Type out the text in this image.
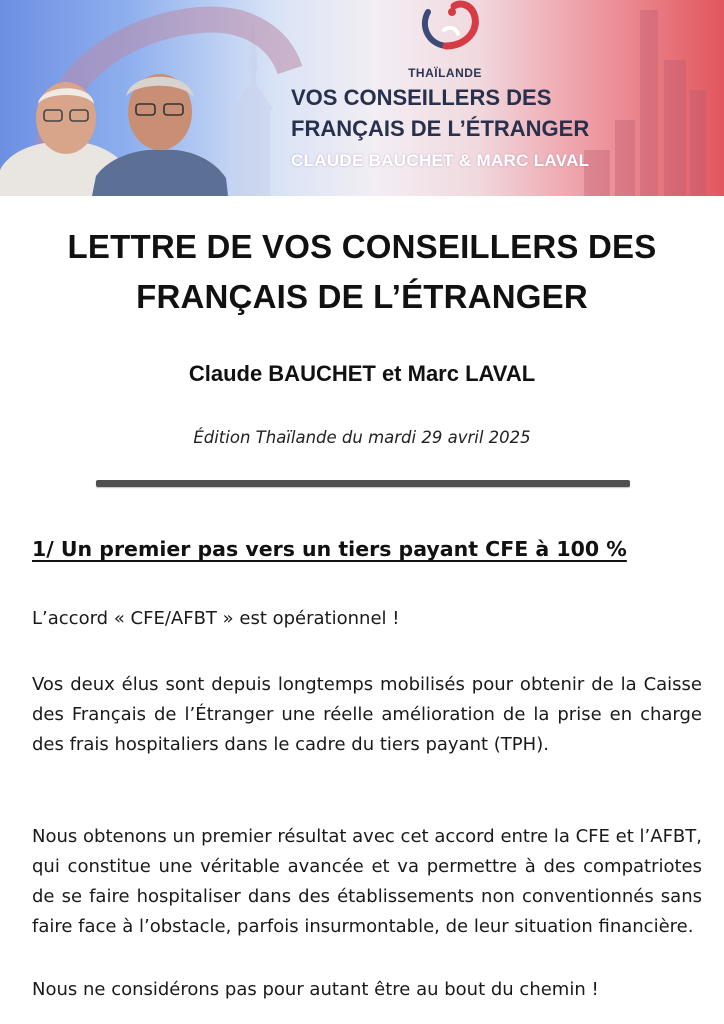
THAÏLANDE
VOS CONSEILLERS DES
FRANÇAIS DE L’ÉTRANGER
CLAUDE BAUCHET & MARC LAVAL
LETTRE DE VOS CONSEILLERS DES
FRANÇAIS DE L’ÉTRANGER
Claude BAUCHET et Marc LAVAL
Édition Thaïlande du mardi 29 avril 2025
1/ Un premier pas vers un tiers payant CFE à 100 %

L’accord « CFE/AFBT » est opérationnel !

Vos deux élus sont depuis longtemps mobilisés pour obtenir de la Caisse des Français de l’Étranger une réelle amélioration de la prise en charge des frais hospitaliers dans le cadre du tiers payant (TPH).

Nous obtenons un premier résultat avec cet accord entre la CFE et l’AFBT, qui constitue une véritable avancée et va permettre à des compatriotes de se faire hospitaliser dans des établissements non conventionnés sans faire face à l’obstacle, parfois insurmontable, de leur situation financière.

Nous ne considérons pas pour autant être au bout du chemin !
